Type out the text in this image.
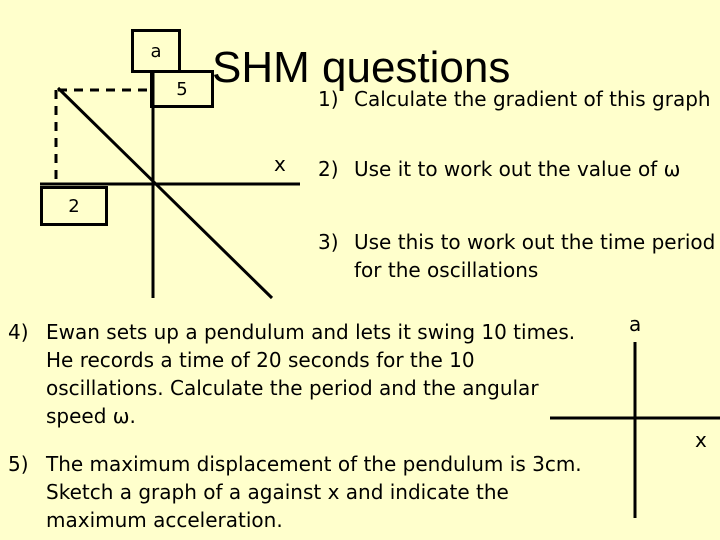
a
5
x
2
SHM questions
1) Calculate the gradient of this graph
2) Use it to work out the value of ω
3) Use this to work out the time period for the oscillations
4) Ewan sets up a pendulum and lets it swing 10 times. He records a time of 20 seconds for the 10 oscillations. Calculate the period and the angular speed ω.
5) The maximum displacement of the pendulum is 3cm. Sketch a graph of a against x and indicate the maximum acceleration.
a
x
